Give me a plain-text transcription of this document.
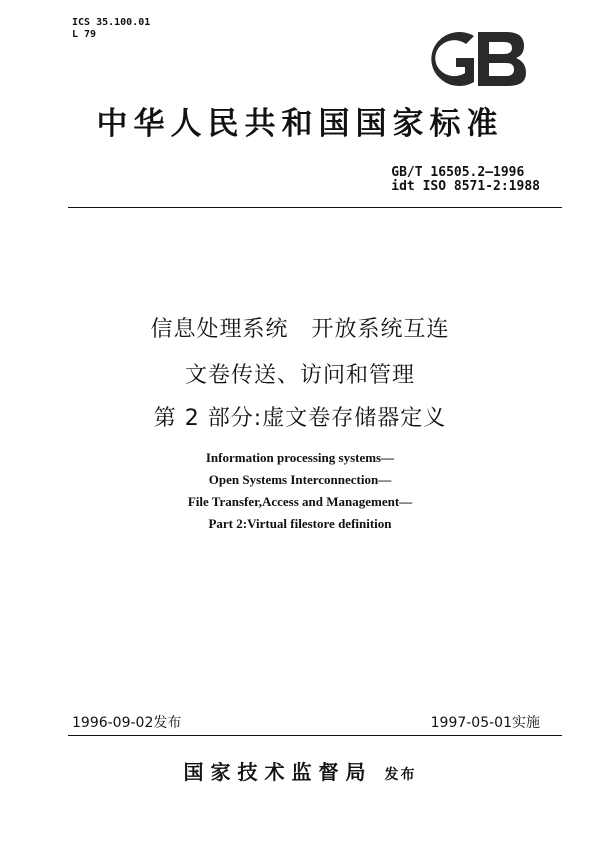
ICS 35.100.01
L 79
中华人民共和国国家标准
GB/T 16505.2—1996
idt ISO 8571-2:1988
信息处理系统　开放系统互连
文卷传送、访问和管理
第 2 部分:虚文卷存储器定义
Information processing systems—
Open Systems Interconnection—
File Transfer,Access and Management—
Part 2:Virtual filestore definition
1996-09-02发布	1997-05-01实施
国家技术监督局 发布
